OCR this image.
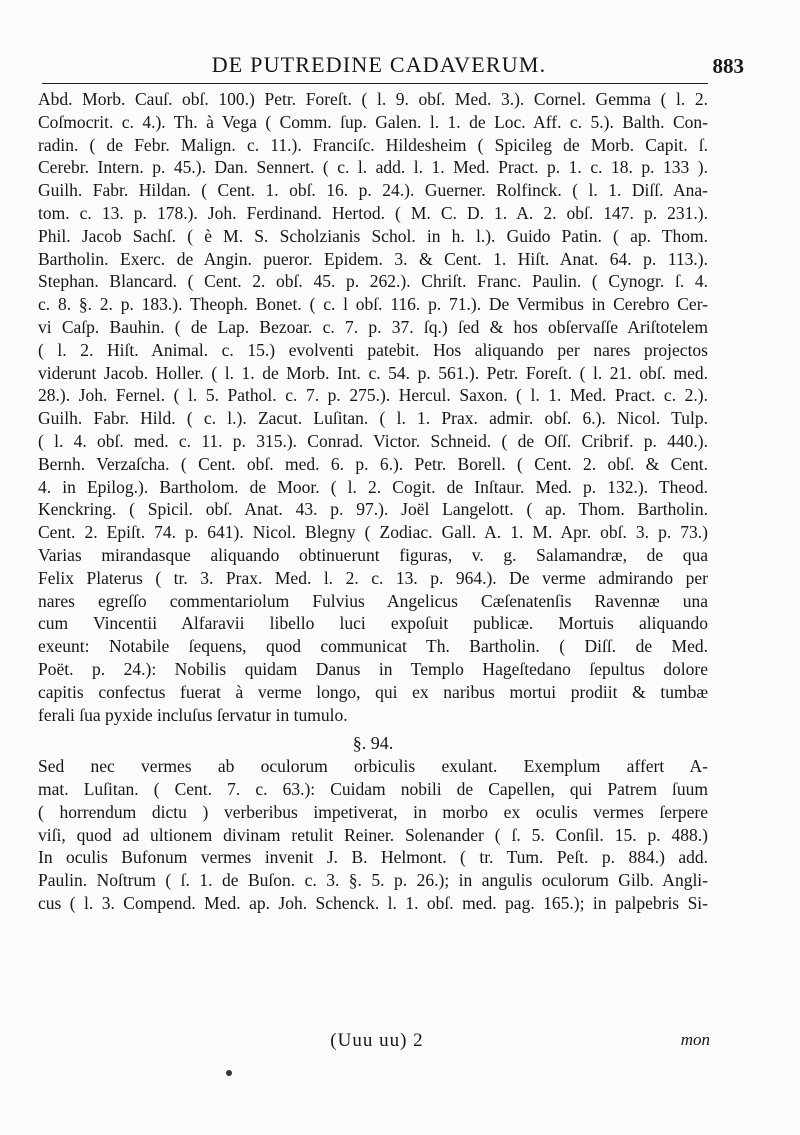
DE PUTREDINE CADAVERUM.	883
Abd. Morb. Cauſ. obſ. 100.) Petr. Foreſt. ( l. 9. obſ. Med. 3.). Cornel. Gemma ( l. 2.
Coſmocrit. c. 4.). Th. à Vega ( Comm. ſup. Galen. l. 1. de Loc. Aff. c. 5.). Balth. Con-
radin. ( de Febr. Malign. c. 11.). Franciſc. Hildesheim ( Spicileg de Morb. Capit. ſ.
Cerebr. Intern. p. 45.). Dan. Sennert. ( c. l. add. l. 1. Med. Pract. p. 1. c. 18. p. 133 ).
Guilh. Fabr. Hildan. ( Cent. 1. obſ. 16. p. 24.). Guerner. Rolfinck. ( l. 1. Diſſ. Ana-
tom. c. 13. p. 178.). Joh. Ferdinand. Hertod. ( M. C. D. 1. A. 2. obſ. 147. p. 231.).
Phil. Jacob Sachſ. ( è M. S. Scholzianis Schol. in h. l.). Guido Patin. ( ap. Thom.
Bartholin. Exerc. de Angin. pueror. Epidem. 3. & Cent. 1. Hiſt. Anat. 64. p. 113.).
Stephan. Blancard. ( Cent. 2. obſ. 45. p. 262.). Chriſt. Franc. Paulin. ( Cynogr. ſ. 4.
c. 8. §. 2. p. 183.). Theoph. Bonet. ( c. l obſ. 116. p. 71.). De Vermibus in Cerebro Cer-
vi Caſp. Bauhin. ( de Lap. Bezoar. c. 7. p. 37. ſq.) ſed & hos obſervaſſe Ariſtotelem
( l. 2. Hiſt. Animal. c. 15.) evolventi patebit. Hos aliquando per nares projectos
viderunt Jacob. Holler. ( l. 1. de Morb. Int. c. 54. p. 561.). Petr. Foreſt. ( l. 21. obſ. med.
28.). Joh. Fernel. ( l. 5. Pathol. c. 7. p. 275.). Hercul. Saxon. ( l. 1. Med. Pract. c. 2.).
Guilh. Fabr. Hild. ( c. l.). Zacut. Luſitan. ( l. 1. Prax. admir. obſ. 6.). Nicol. Tulp.
( l. 4. obſ. med. c. 11. p. 315.). Conrad. Victor. Schneid. ( de Oſſ. Cribrif. p. 440.).
Bernh. Verzaſcha. ( Cent. obſ. med. 6. p. 6.). Petr. Borell. ( Cent. 2. obſ. & Cent.
4. in Epilog.). Bartholom. de Moor. ( l. 2. Cogit. de Inſtaur. Med. p. 132.). Theod.
Kenckring. ( Spicil. obſ. Anat. 43. p. 97.). Joël Langelott. ( ap. Thom. Bartholin.
Cent. 2. Epiſt. 74. p. 641). Nicol. Blegny ( Zodiac. Gall. A. 1. M. Apr. obſ. 3. p. 73.)
Varias mirandasque aliquando obtinuerunt figuras, v. g. Salamandræ, de qua
Felix Platerus ( tr. 3. Prax. Med. l. 2. c. 13. p. 964.). De verme admirando per
nares egreſſo commentariolum Fulvius Angelicus Cæſenatenſis Ravennæ una
cum Vincentii Alfaravii libello luci expoſuit publicæ. Mortuis aliquando
exeunt: Notabile ſequens, quod communicat Th. Bartholin. ( Diſſ. de Med.
Poët. p. 24.): Nobilis quidam Danus in Templo Hageſtedano ſepultus dolore
capitis confectus fuerat à verme longo, qui ex naribus mortui prodiit & tumbæ
ferali ſua pyxide incluſus ſervatur in tumulo.
§. 94.
Sed nec vermes ab oculorum orbiculis exulant. Exemplum affert A-
mat. Luſitan. ( Cent. 7. c. 63.): Cuidam nobili de Capellen, qui Patrem ſuum
( horrendum dictu ) verberibus impetiverat, in morbo ex oculis vermes ſerpere
viſi, quod ad ultionem divinam retulit Reiner. Solenander ( ſ. 5. Conſil. 15. p. 488.)
In oculis Bufonum vermes invenit J. B. Helmont. ( tr. Tum. Peſt. p. 884.) add.
Paulin. Noſtrum ( ſ. 1. de Buſon. c. 3. §. 5. p. 26.); in angulis oculorum Gilb. Angli-
cus ( l. 3. Compend. Med. ap. Joh. Schenck. l. 1. obſ. med. pag. 165.); in palpebris Si-
(Uuu uu) 2	mon
